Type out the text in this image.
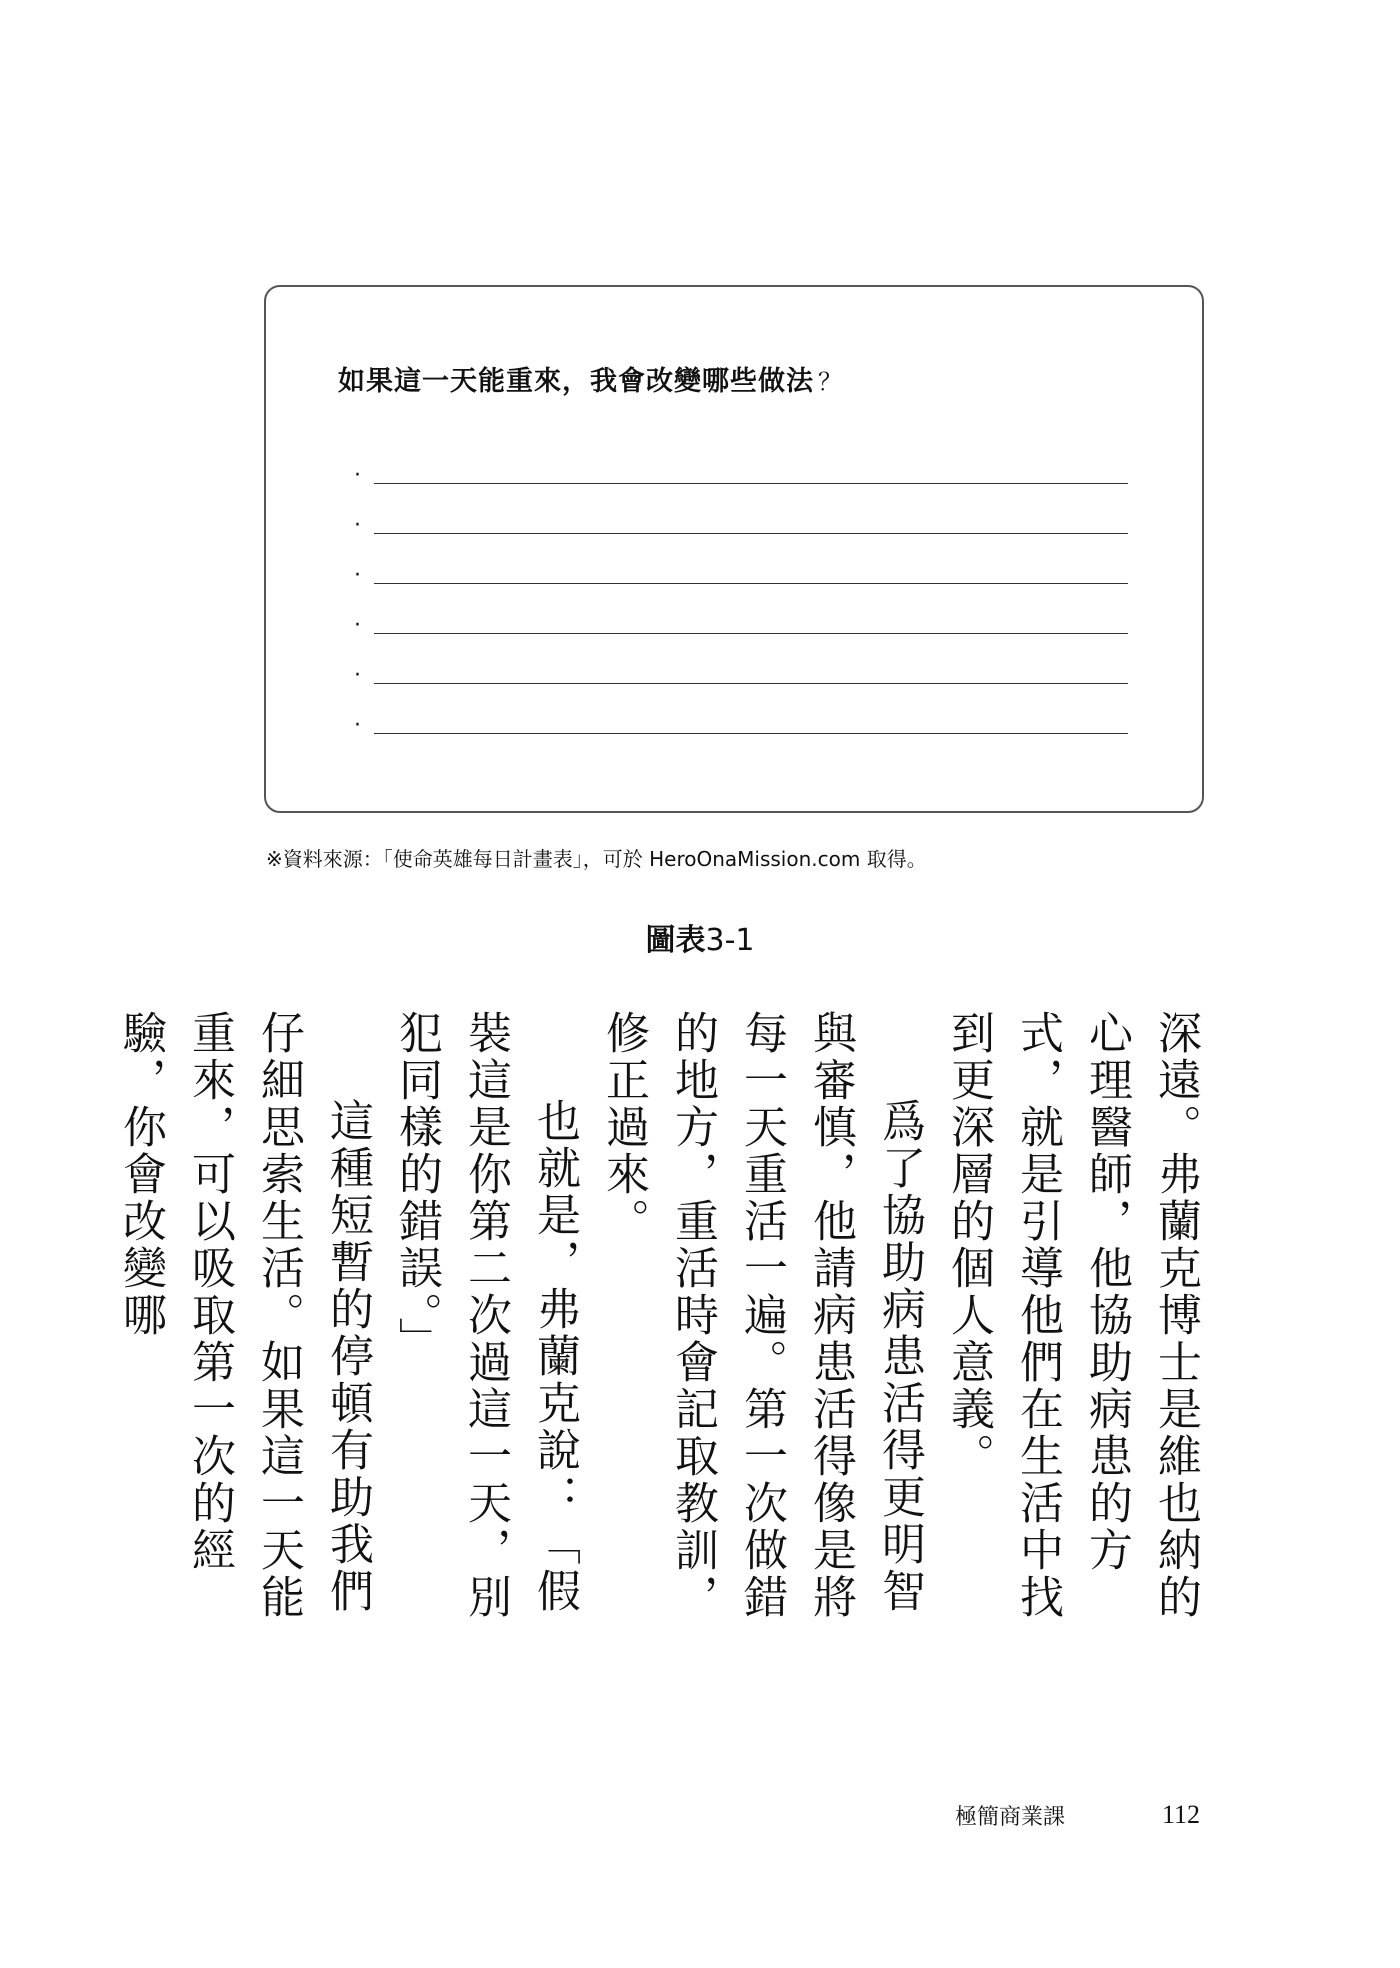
如果這一天能重來，我會改變哪些做法 ？
·
·
·
·
·
·
※資料來源：「使命英雄每日計畫表」，可於 HeroOnaMission.com 取得。
圖表3-1

深遠。弗蘭克博士是維也納的心理醫師，他協助病患的方式，就是引導他們在生活中找到更深層的個人意義。

爲了協助病患活得更明智與審慎，他請病患活得像是將每一天重活一遍。第一次做錯的地方，重活時會記取教訓，修正過來。

也就是，弗蘭克說：「假裝這是你第二次過這一天，別犯同樣的錯誤。」

這種短暫的停頓有助我們仔細思索生活。如果這一天能重來，可以吸取第一次的經驗，你會改變哪

極簡商業課	112
